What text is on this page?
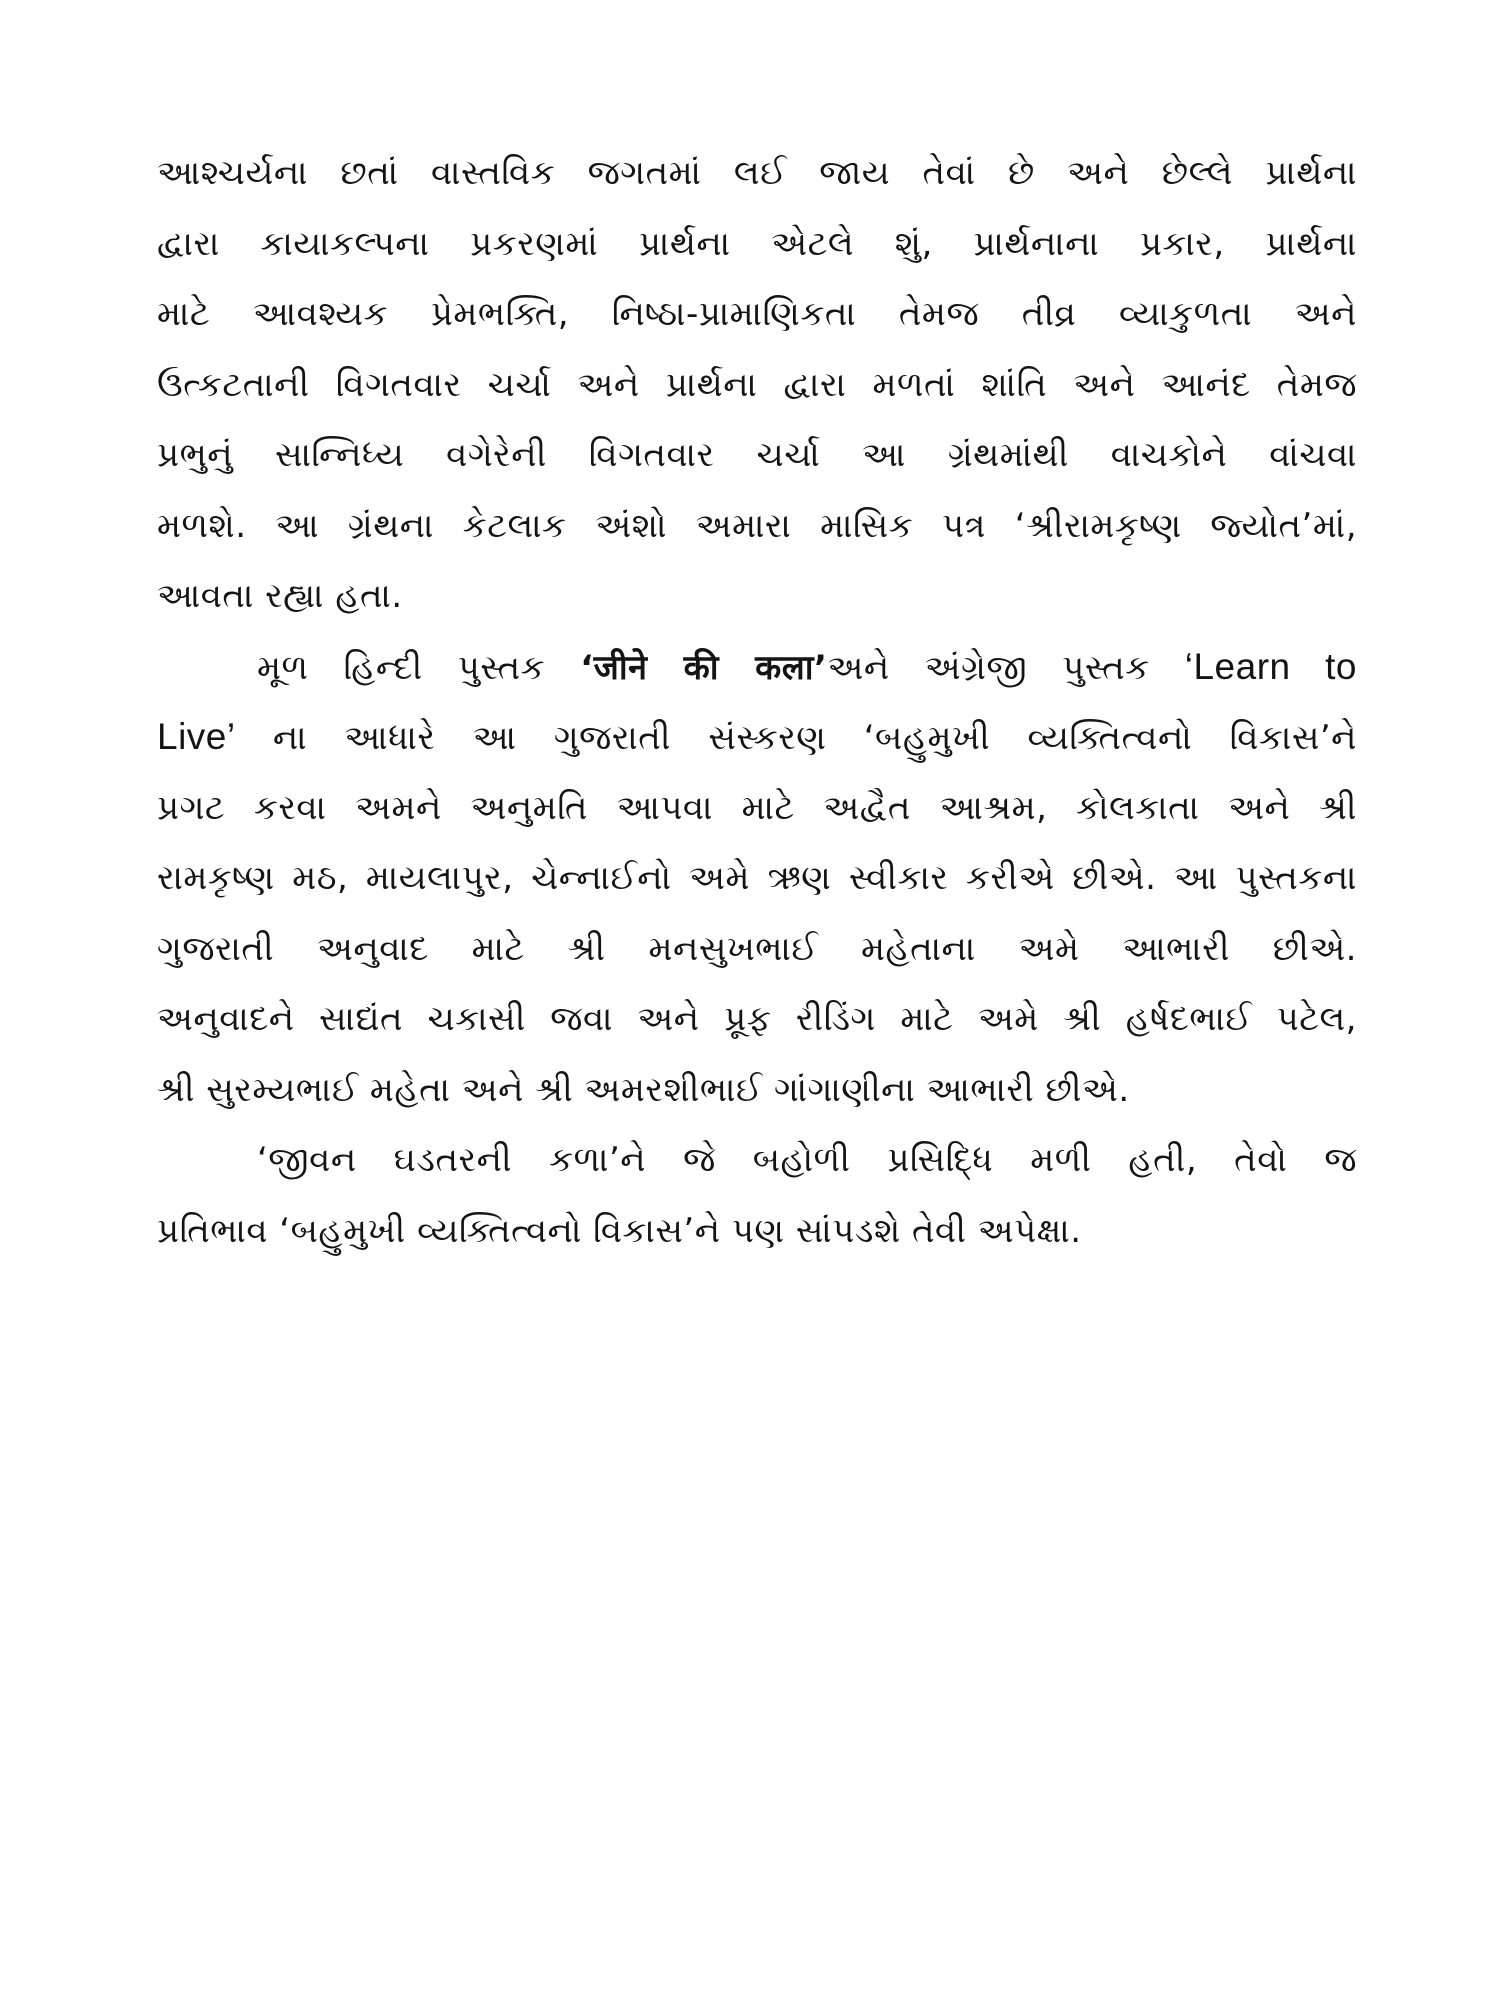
આશ્ચર્યના છતાં વાસ્તવિક જગતમાં લઈ જાય તેવાં છે અને છેલ્લે પ્રાર્થના
દ્વારા કાયાકલ્પના પ્રકરણમાં પ્રાર્થના એટલે શું, પ્રાર્થનાના પ્રકાર, પ્રાર્થના
માટે આવશ્યક પ્રેમભક્તિ, નિષ્ઠા-પ્રામાણિકતા તેમજ તીવ્ર વ્યાકુળતા અને
ઉત્કટતાની વિગતવાર ચર્ચા અને પ્રાર્થના દ્વારા મળતાં શાંતિ અને આનંદ તેમજ
પ્રભુનું સાન્નિધ્ય વગેરેની વિગતવાર ચર્ચા આ ગ્રંથમાંથી વાચકોને વાંચવા
મળશે. આ ગ્રંથના કેટલાક અંશો અમારા માસિક પત્ર ‘શ્રીરામકૃષ્ણ જ્યોત’માં,
આવતા રહ્યા હતા.
મૂળ હિન્દી પુસ્તક ‘जीने की कला’અને અંગ્રેજી પુસ્તક ‘Learn to
Live’ ના આધારે આ ગુજરાતી સંસ્કરણ ‘બહુમુખી વ્યક્તિત્વનો વિકાસ’ને
પ્રગટ કરવા અમને અનુમતિ આપવા માટે અદ્વૈત આશ્રમ, કોલકાતા અને શ્રી
રામકૃષ્ણ મઠ, માયલાપુર, ચેન્નાઈનો અમે ઋણ સ્વીકાર કરીએ છીએ. આ પુસ્તકના
ગુજરાતી અનુવાદ માટે શ્રી મનસુખભાઈ મહેતાના અમે આભારી છીએ.
અનુવાદને સાદ્યંત ચકાસી જવા અને પ્રૂફ રીડિંગ માટે અમે શ્રી હર્ષદભાઈ પટેલ,
શ્રી સુરમ્યભાઈ મહેતા અને શ્રી અમરશીભાઈ ગાંગાણીના આભારી છીએ.
‘જીવન ઘડતરની કળા’ને જે બહોળી પ્રસિદ્ધિ મળી હતી, તેવો જ
પ્રતિભાવ ‘બહુમુખી વ્યક્તિત્વનો વિકાસ’ને પણ સાંપડશે તેવી અપેક્ષા.
